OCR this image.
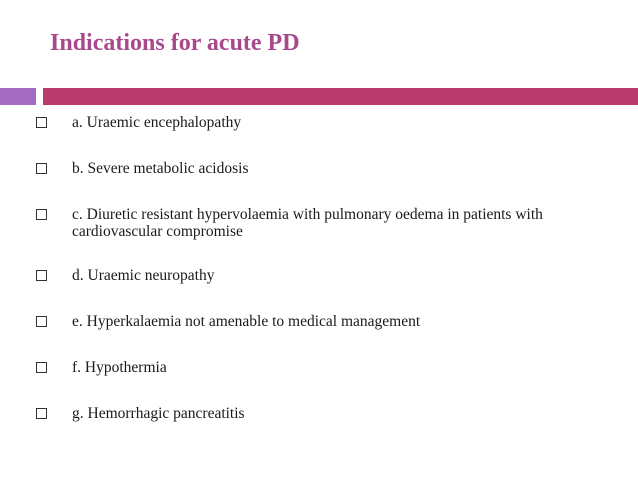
Indications for acute PD
a. Uraemic encephalopathy
b. Severe metabolic acidosis
c. Diuretic resistant hypervolaemia with pulmonary oedema in patients with cardiovascular compromise
d. Uraemic neuropathy
e. Hyperkalaemia not amenable to medical management
f. Hypothermia
g. Hemorrhagic pancreatitis
